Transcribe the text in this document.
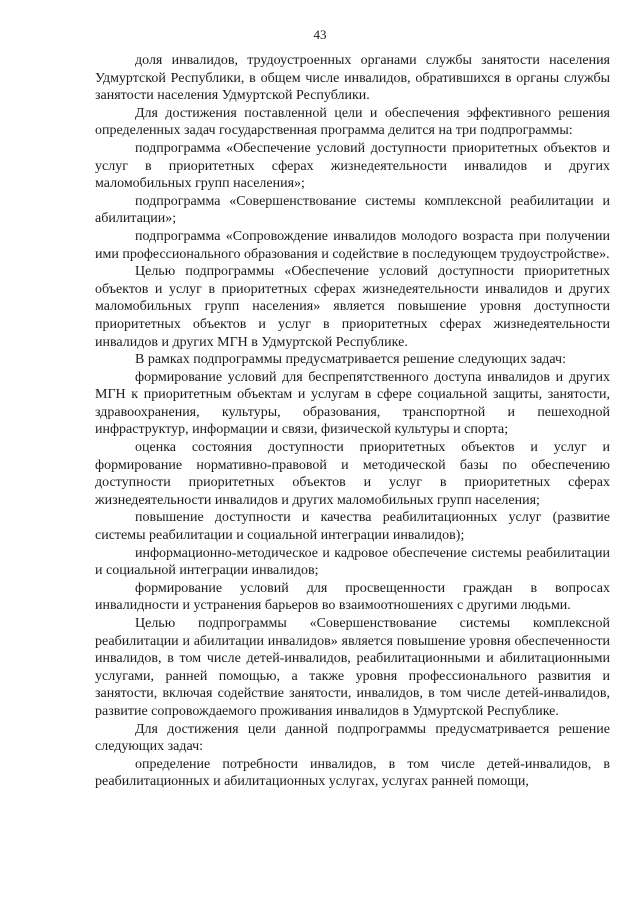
43

доля инвалидов, трудоустроенных органами службы занятости населения Удмуртской Республики, в общем числе инвалидов, обратившихся в органы службы занятости населения Удмуртской Республики.

Для достижения поставленной цели и обеспечения эффективного решения определенных задач государственная программа делится на три подпрограммы:

подпрограмма «Обеспечение условий доступности приоритетных объектов и услуг в приоритетных сферах жизнедеятельности инвалидов и других маломобильных групп населения»;

подпрограмма «Совершенствование системы комплексной реабилитации и абилитации»;

подпрограмма «Сопровождение инвалидов молодого возраста при получении ими профессионального образования и содействие в последующем трудоустройстве».

Целью подпрограммы «Обеспечение условий доступности приоритетных объектов и услуг в приоритетных сферах жизнедеятельности инвалидов и других маломобильных групп населения» является повышение уровня доступности приоритетных объектов и услуг в приоритетных сферах жизнедеятельности инвалидов и других МГН в Удмуртской Республике.

В рамках подпрограммы предусматривается решение следующих задач:

формирование условий для беспрепятственного доступа инвалидов и других МГН к приоритетным объектам и услугам в сфере социальной защиты, занятости, здравоохранения, культуры, образования, транспортной и пешеходной инфраструктур, информации и связи, физической культуры и спорта;

оценка состояния доступности приоритетных объектов и услуг и формирование нормативно-правовой и методической базы по обеспечению доступности приоритетных объектов и услуг в приоритетных сферах жизнедеятельности инвалидов и других маломобильных групп населения;

повышение доступности и качества реабилитационных услуг (развитие системы реабилитации и социальной интеграции инвалидов);

информационно-методическое и кадровое обеспечение системы реабилитации и социальной интеграции инвалидов;

формирование условий для просвещенности граждан в вопросах инвалидности и устранения барьеров во взаимоотношениях с другими людьми.

Целью подпрограммы «Совершенствование системы комплексной реабилитации и абилитации инвалидов» является повышение уровня обеспеченности инвалидов, в том числе детей-инвалидов, реабилитационными и абилитационными услугами, ранней помощью, а также уровня профессионального развития и занятости, включая содействие занятости, инвалидов, в том числе детей-инвалидов, развитие сопровождаемого проживания инвалидов в Удмуртской Республике.

Для достижения цели данной подпрограммы предусматривается решение следующих задач:

определение потребности инвалидов, в том числе детей-инвалидов, в реабилитационных и абилитационных услугах, услугах ранней помощи,
